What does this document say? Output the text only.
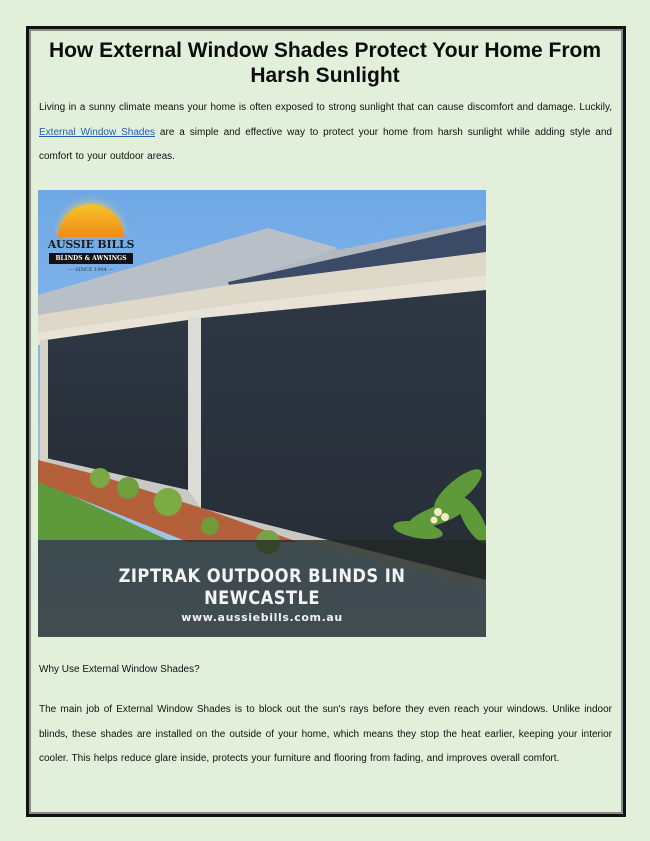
How External Window Shades Protect Your Home From Harsh Sunlight

Living in a sunny climate means your home is often exposed to strong sunlight that can cause discomfort and damage. Luckily, External Window Shades are a simple and effective way to protect your home from harsh sunlight while adding style and comfort to your outdoor areas.

AUSSIE BILLS
BLINDS & AWNINGS
— SINCE 1994 —
ZIPTRAK OUTDOOR BLINDS IN NEWCASTLE
www.aussiebills.com.au
Why Use External Window Shades?

The main job of External Window Shades is to block out the sun's rays before they even reach your windows. Unlike indoor blinds, these shades are installed on the outside of your home, which means they stop the heat earlier, keeping your interior cooler. This helps reduce glare inside, protects your furniture and flooring from fading, and improves overall comfort.
